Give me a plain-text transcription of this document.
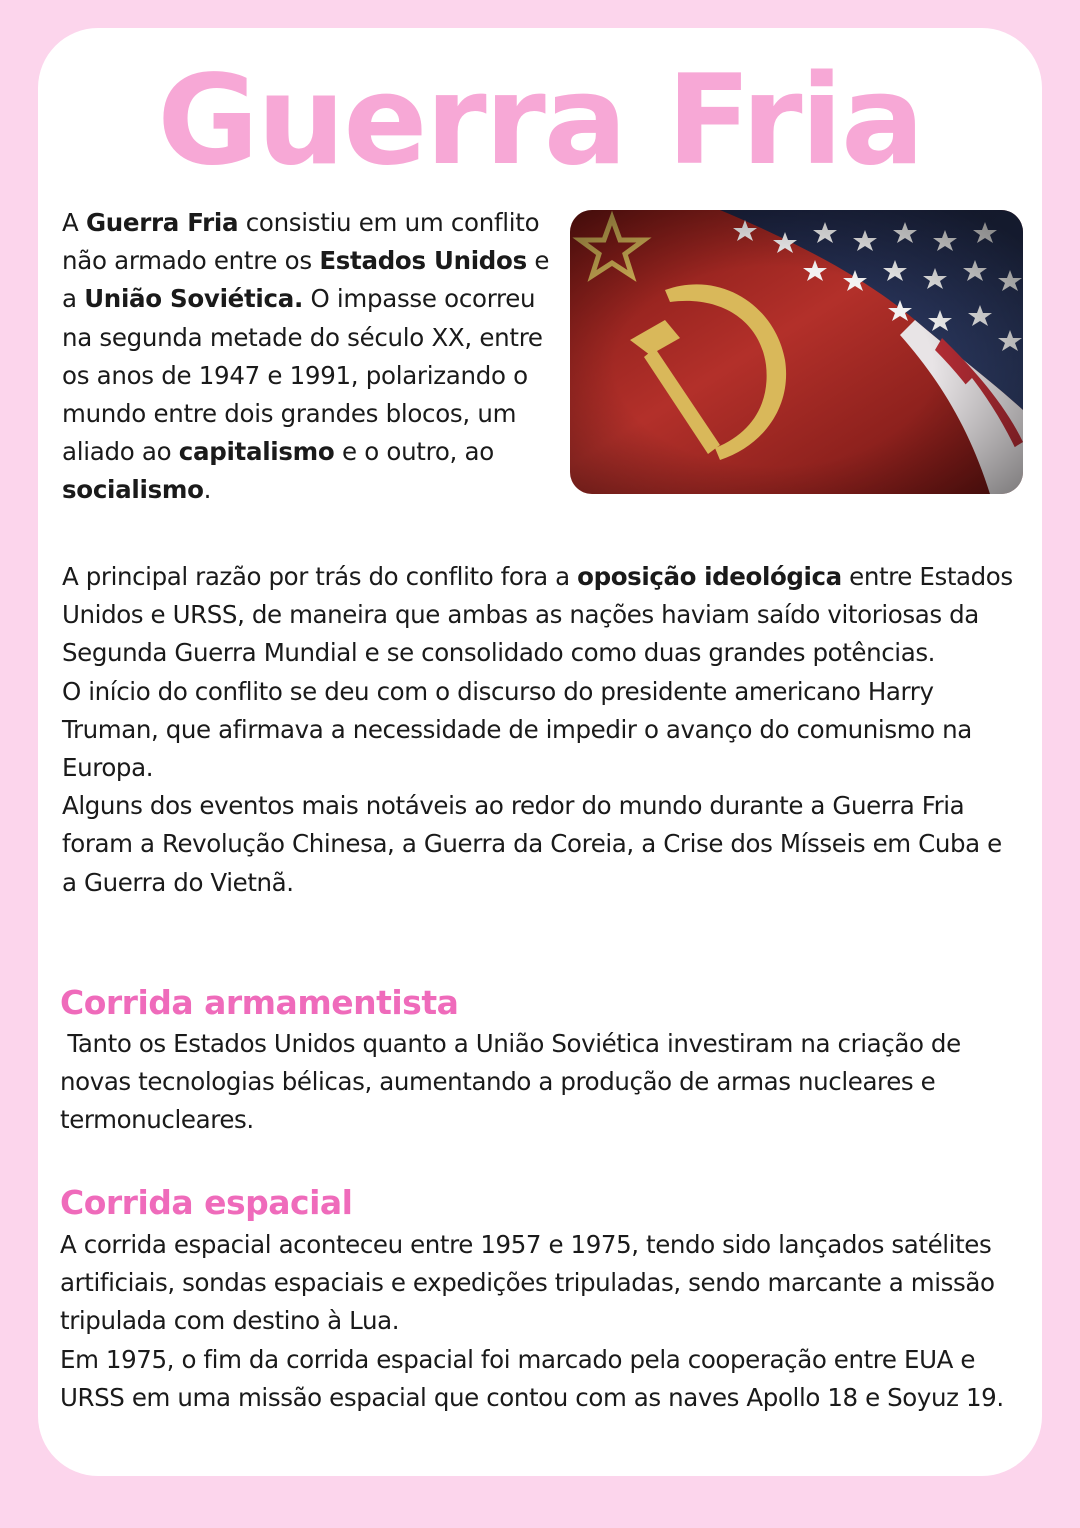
Guerra Fria

A Guerra Fria consistiu em um conflito não armado entre os Estados Unidos e a União Soviética. O impasse ocorreu na segunda metade do século XX, entre os anos de 1947 e 1991, polarizando o mundo entre dois grandes blocos, um aliado ao capitalismo e o outro, ao socialismo.

A principal razão por trás do conflito fora a oposição ideológica entre Estados Unidos e URSS, de maneira que ambas as nações haviam saído vitoriosas da Segunda Guerra Mundial e se consolidado como duas grandes potências.

O início do conflito se deu com o discurso do presidente americano Harry Truman, que afirmava a necessidade de impedir o avanço do comunismo na Europa.

Alguns dos eventos mais notáveis ao redor do mundo durante a Guerra Fria foram a Revolução Chinesa, a Guerra da Coreia, a Crise dos Mísseis em Cuba e a Guerra do Vietnã.

Corrida armamentista

Tanto os Estados Unidos quanto a União Soviética investiram na criação de novas tecnologias bélicas, aumentando a produção de armas nucleares e termonucleares.

Corrida espacial

A corrida espacial aconteceu entre 1957 e 1975, tendo sido lançados satélites artificiais, sondas espaciais e expedições tripuladas, sendo marcante a missão tripulada com destino à Lua.

Em 1975, o fim da corrida espacial foi marcado pela cooperação entre EUA e URSS em uma missão espacial que contou com as naves Apollo 18 e Soyuz 19.
